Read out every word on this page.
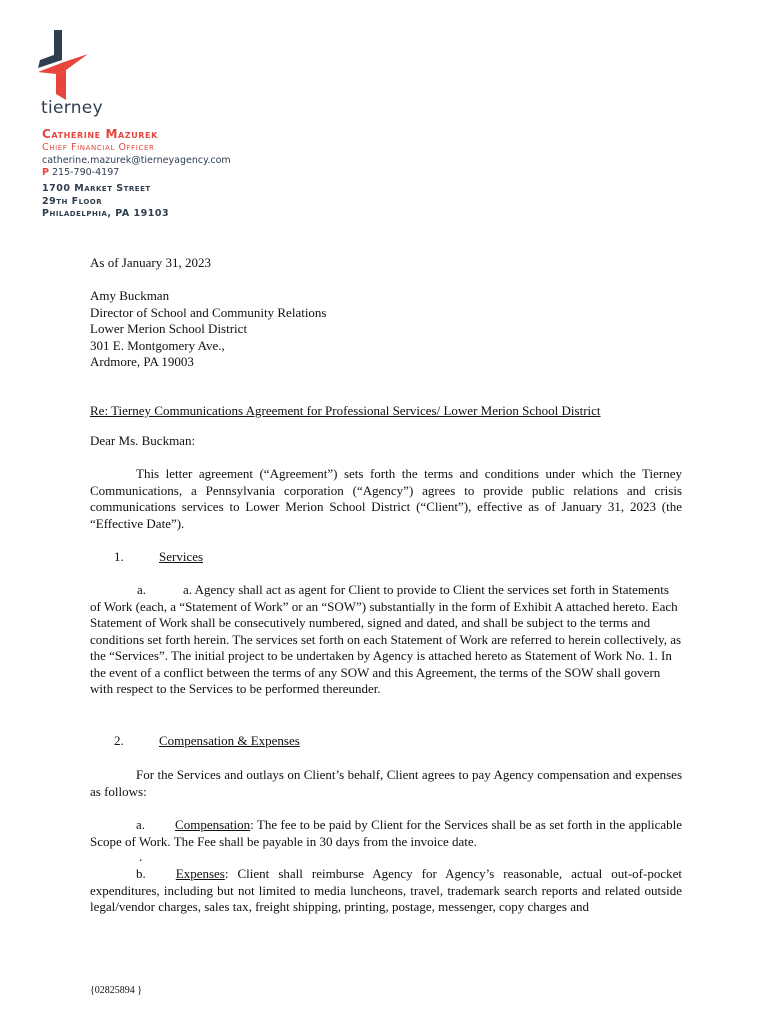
tierney
Catherine Mazurek
Chief Financial Officer
catherine.mazurek@tierneyagency.com
P 215-790-4197
1700 Market Street
29th Floor
Philadelphia, PA 19103
As of January 31, 2023
Amy Buckman
Director of School and Community Relations
Lower Merion School District
301 E. Montgomery Ave.,
Ardmore, PA 19003
Re: Tierney Communications Agreement for Professional Services/ Lower Merion School District
Dear Ms. Buckman:
This letter agreement (“Agreement”) sets forth the terms and conditions under which the Tierney Communications, a Pennsylvania corporation (“Agency”) agrees to provide public relations and crisis communications services to Lower Merion School District (“Client”), effective as of January 31, 2023 (the “Effective Date”).
1.	Services
a.	a. Agency shall act as agent for Client to provide to Client the services set forth in Statements of Work (each, a “Statement of Work” or an “SOW”) substantially in the form of Exhibit A attached hereto. Each Statement of Work shall be consecutively numbered, signed and dated, and shall be subject to the terms and conditions set forth herein. The services set forth on each Statement of Work are referred to herein collectively, as the “Services”. The initial project to be undertaken by Agency is attached hereto as Statement of Work No. 1. In the event of a conflict between the terms of any SOW and this Agreement, the terms of the SOW shall govern with respect to the Services to be performed thereunder.
2.	Compensation & Expenses
For the Services and outlays on Client’s behalf, Client agrees to pay Agency compensation and expenses as follows:
a. Compensation: The fee to be paid by Client for the Services shall be as set forth in the applicable Scope of Work. The Fee shall be payable in 30 days from the invoice date.
.
b. Expenses: Client shall reimburse Agency for Agency’s reasonable, actual out-of-pocket expenditures, including but not limited to media luncheons, travel, trademark search reports and related outside legal/vendor charges, sales tax, freight shipping, printing, postage, messenger, copy charges and
{02825894 }
